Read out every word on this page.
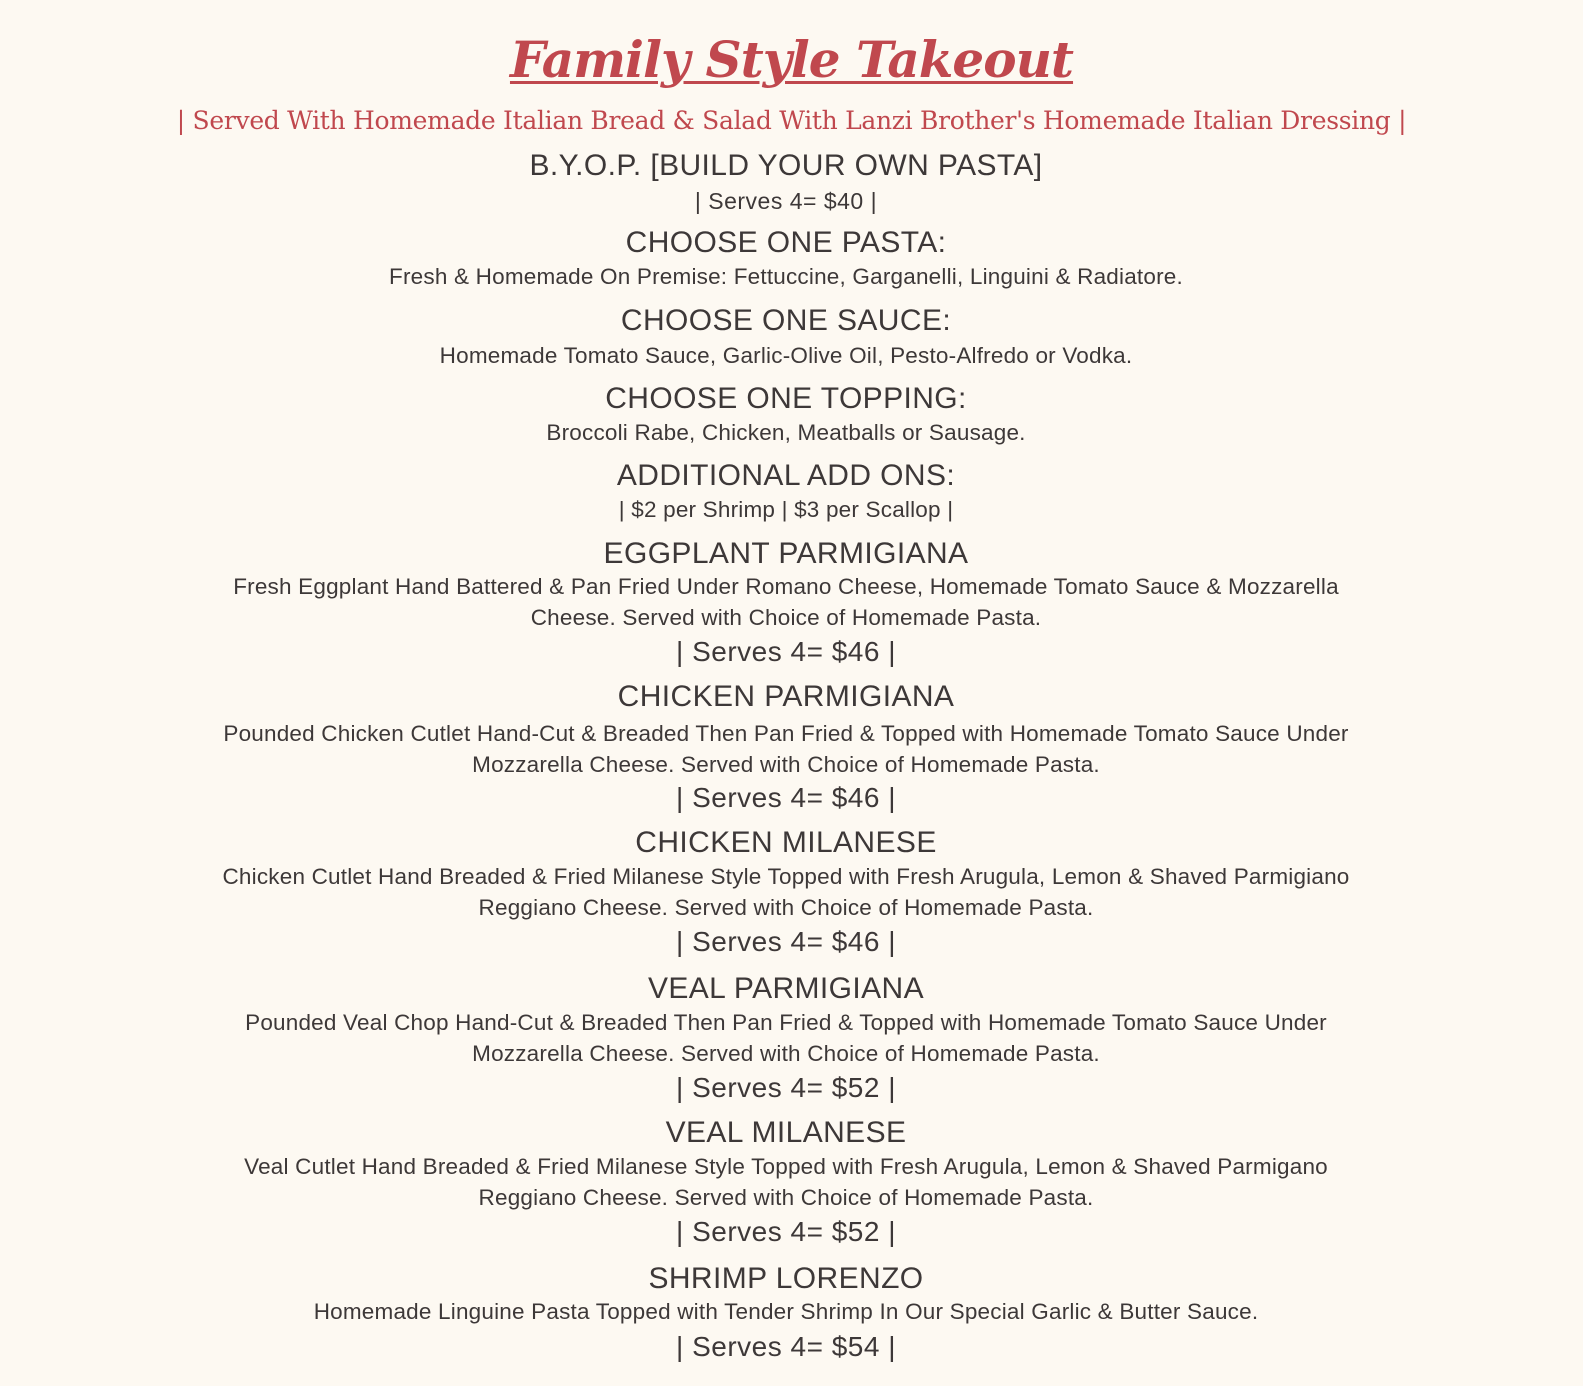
Family Style Takeout
| Served With Homemade Italian Bread & Salad With Lanzi Brother's Homemade Italian Dressing |
B.Y.O.P. [BUILD YOUR OWN PASTA]
| Serves 4= $40 |
CHOOSE ONE PASTA:
Fresh & Homemade On Premise: Fettuccine, Garganelli, Linguini & Radiatore.
CHOOSE ONE SAUCE:
Homemade Tomato Sauce, Garlic-Olive Oil, Pesto-Alfredo or Vodka.
CHOOSE ONE TOPPING:
Broccoli Rabe, Chicken, Meatballs or Sausage.
ADDITIONAL ADD ONS:
| $2 per Shrimp | $3 per Scallop |
EGGPLANT PARMIGIANA
Fresh Eggplant Hand Battered & Pan Fried Under Romano Cheese, Homemade Tomato Sauce & Mozzarella
Cheese. Served with Choice of Homemade Pasta.
| Serves 4= $46 |
CHICKEN PARMIGIANA
Pounded Chicken Cutlet Hand-Cut & Breaded Then Pan Fried & Topped with Homemade Tomato Sauce Under
Mozzarella Cheese. Served with Choice of Homemade Pasta.
| Serves 4= $46 |
CHICKEN MILANESE
Chicken Cutlet Hand Breaded & Fried Milanese Style Topped with Fresh Arugula, Lemon & Shaved Parmigiano
Reggiano Cheese. Served with Choice of Homemade Pasta.
| Serves 4= $46 |
VEAL PARMIGIANA
Pounded Veal Chop Hand-Cut & Breaded Then Pan Fried & Topped with Homemade Tomato Sauce Under
Mozzarella Cheese. Served with Choice of Homemade Pasta.
| Serves 4= $52 |
VEAL MILANESE
Veal Cutlet Hand Breaded & Fried Milanese Style Topped with Fresh Arugula, Lemon & Shaved Parmigano
Reggiano Cheese. Served with Choice of Homemade Pasta.
| Serves 4= $52 |
SHRIMP LORENZO
Homemade Linguine Pasta Topped with Tender Shrimp In Our Special Garlic & Butter Sauce.
| Serves 4= $54 |
